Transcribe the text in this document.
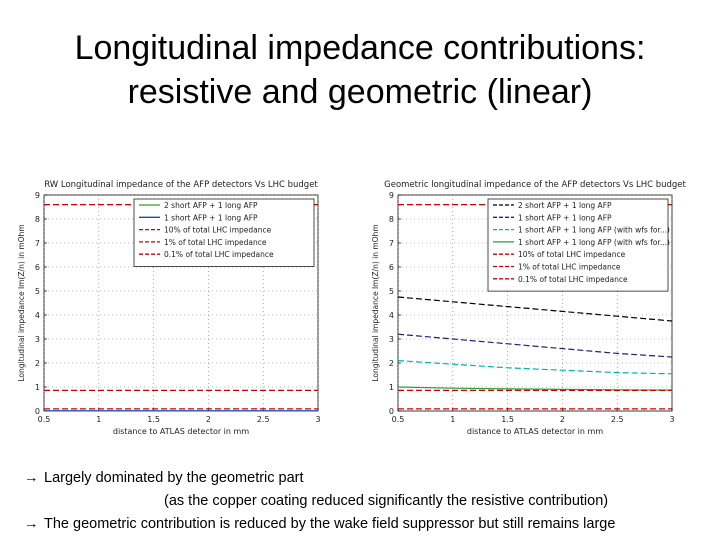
Longitudinal impedance contributions:
resistive and geometric (linear)
RW Longitudinal impedance of the AFP detectors Vs LHC budget
0
1
2
3
4
5
6
7
8
9
0.5	1	1.5	2	2.5	3
distance to ATLAS detector in mm
Longitudinal impedance Im(Z/n) in mOhm
2 short AFP + 1 long AFP
1 short AFP + 1 long AFP
10% of total LHC impedance
1% of total LHC impedance
0.1% of total LHC impedance
Geometric longitudinal impedance of the AFP detectors Vs LHC budget
0
1
2
3
4
5
6
7
8
9
0.5	1	1.5	2	2.5	3
distance to ATLAS detector in mm
Longitudinal impedance Im(Z/n) in mOhm
2 short AFP + 1 long AFP
1 short AFP + 1 long AFP
1 short AFP + 1 long AFP (with wfs for...)
1 short AFP + 1 long AFP (with wfs for...)
10% of total LHC impedance
1% of total LHC impedance
0.1% of total LHC impedance
→ Largely dominated by the geometric part
(as the copper coating reduced significantly the resistive contribution)
→ The geometric contribution is reduced by the wake field suppressor but still remains large
